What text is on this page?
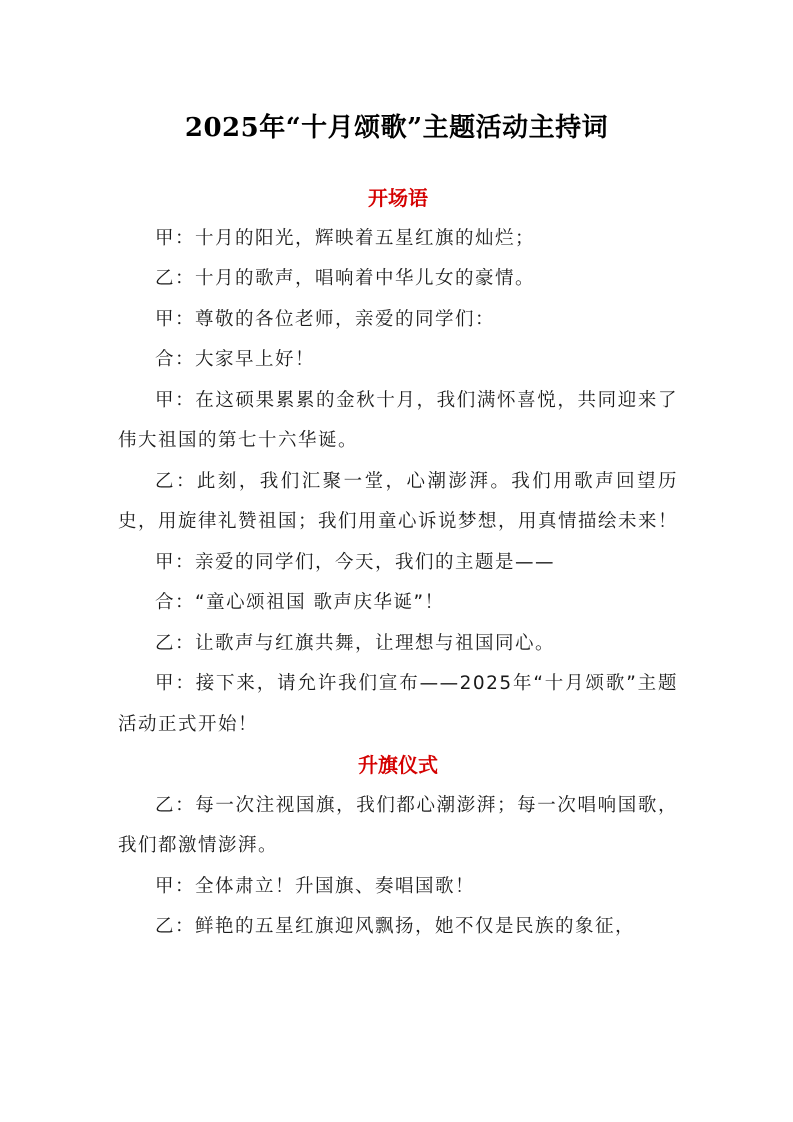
2025年“十月颂歌”主题活动主持词
开场语

甲：十月的阳光，辉映着五星红旗的灿烂；

乙：十月的歌声，唱响着中华儿女的豪情。

甲：尊敬的各位老师，亲爱的同学们：

合：大家早上好！

甲：在这硕果累累的金秋十月，我们满怀喜悦，共同迎来了伟大祖国的第七十六华诞。

乙：此刻，我们汇聚一堂，心潮澎湃。我们用歌声回望历史，用旋律礼赞祖国；我们用童心诉说梦想，用真情描绘未来！

甲：亲爱的同学们，今天，我们的主题是——

合：“童心颂祖国 歌声庆华诞”！

乙：让歌声与红旗共舞，让理想与祖国同心。

甲：接下来，请允许我们宣布——2025年“十月颂歌”主题活动正式开始！

升旗仪式

乙：每一次注视国旗，我们都心潮澎湃；每一次唱响国歌，我们都激情澎湃。

甲：全体肃立！升国旗、奏唱国歌！

乙：鲜艳的五星红旗迎风飘扬，她不仅是民族的象征，
